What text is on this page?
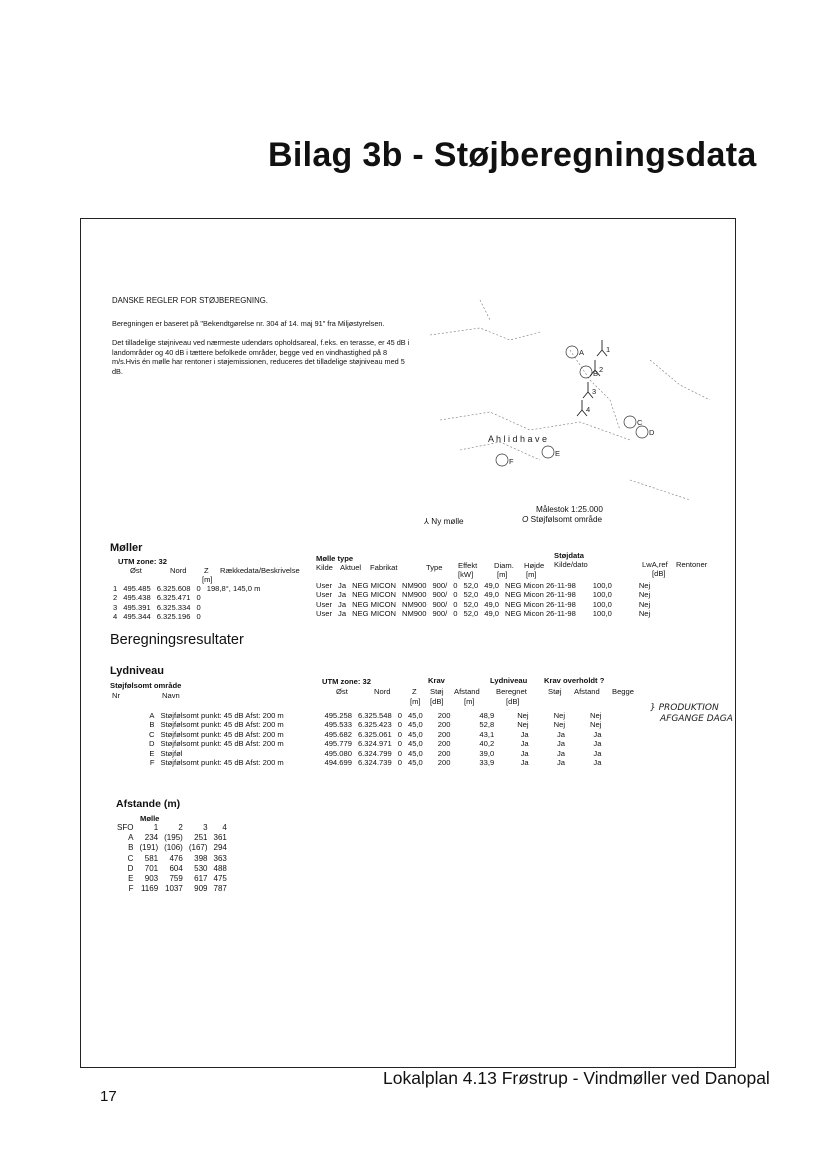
Bilag 3b - Støjberegningsdata

DANSKE REGLER FOR STØJBEREGNING.

Beregningen er baseret på "Bekendtgørelse nr. 304 af 14. maj 91" fra Miljøstyrelsen.

Det tilladelige støjniveau ved nærmeste udendørs opholdsareal, f.eks. en terasse, er 45 dB i landområder og 40 dB i tættere befolkede områder, begge ved en vindhastighed på 8 m/s.Hvis én mølle har rentoner i støjemissionen, reduceres det tilladelige støjniveau med 5 dB.

A
B
C
D
E
F
1
2
3
4
A h l i d h a v e
Målestok 1:25.000
⅄ Ny mølle	O Støjfølsomt område
Møller
UTM zone: 32
Øst	Nord Z
[m]
Rækkedata/Beskrivelse
Mølle type
Kilde Aktuel Fabrikat	Type Effekt
[kW]
Diam.
[m]
Højde
[m]
Støjdata
Kilde/dato	LwA,ref
[dB]
Rentoner
1	495.485	6.325.608	0	198,8°, 145,0 m
2	495.438	6.325.471	0	
3	495.391	6.325.334	0	
4	495.344	6.325.196	0	
User	Ja	NEG MICON	NM900	900/	0	52,0	49,0	NEG Micon 26-11-98	100,0	Nej
User	Ja	NEG MICON	NM900	900/	0	52,0	49,0	NEG Micon 26-11-98	100,0	Nej
User	Ja	NEG MICON	NM900	900/	0	52,0	49,0	NEG Micon 26-11-98	100,0	Nej
User	Ja	NEG MICON	NM900	900/	0	52,0	49,0	NEG Micon 26-11-98	100,0	Nej
Beregningsresultater
Lydniveau
Støjfølsomt område
Nr	Navn
UTM zone: 32
Øst	Nord	Z
[m]
Krav
Støj
[dB]
Afstand
[m]
Lydniveau
Beregnet
[dB]
Krav overholdt ?
Støj Afstand Begge
A	Støjfølsomt punkt: 45 dB Afst: 200 m	495.258	6.325.548	0	45,0	200	48,9	Nej	Nej	Nej
B	Støjfølsomt punkt: 45 dB Afst: 200 m	495.533	6.325.423	0	45,0	200	52,8	Nej	Nej	Nej
C	Støjfølsomt punkt: 45 dB Afst: 200 m	495.682	6.325.061	0	45,0	200	43,1	Ja	Ja	Ja
D	Støjfølsomt punkt: 45 dB Afst: 200 m	495.779	6.324.971	0	45,0	200	40,2	Ja	Ja	Ja
E	Støjføl	495.080	6.324.799	0	45,0	200	39,0	Ja	Ja	Ja
F	Støjfølsomt punkt: 45 dB Afst: 200 m	494.699	6.324.739	0	45,0	200	33,9	Ja	Ja	Ja
} PRODUKTION
AFGANGE DAGA
Afstande (m)
Mølle
SFO	1	2	3	4
A	234	(195)	251	361
B	(191)	(106)	(167)	294
C	581	476	398	363
D	701	604	530	488
E	903	759	617	475
F	1169	1037	909	787
Lokalplan 4.13 Frøstrup - Vindmøller ved Danopal
17
